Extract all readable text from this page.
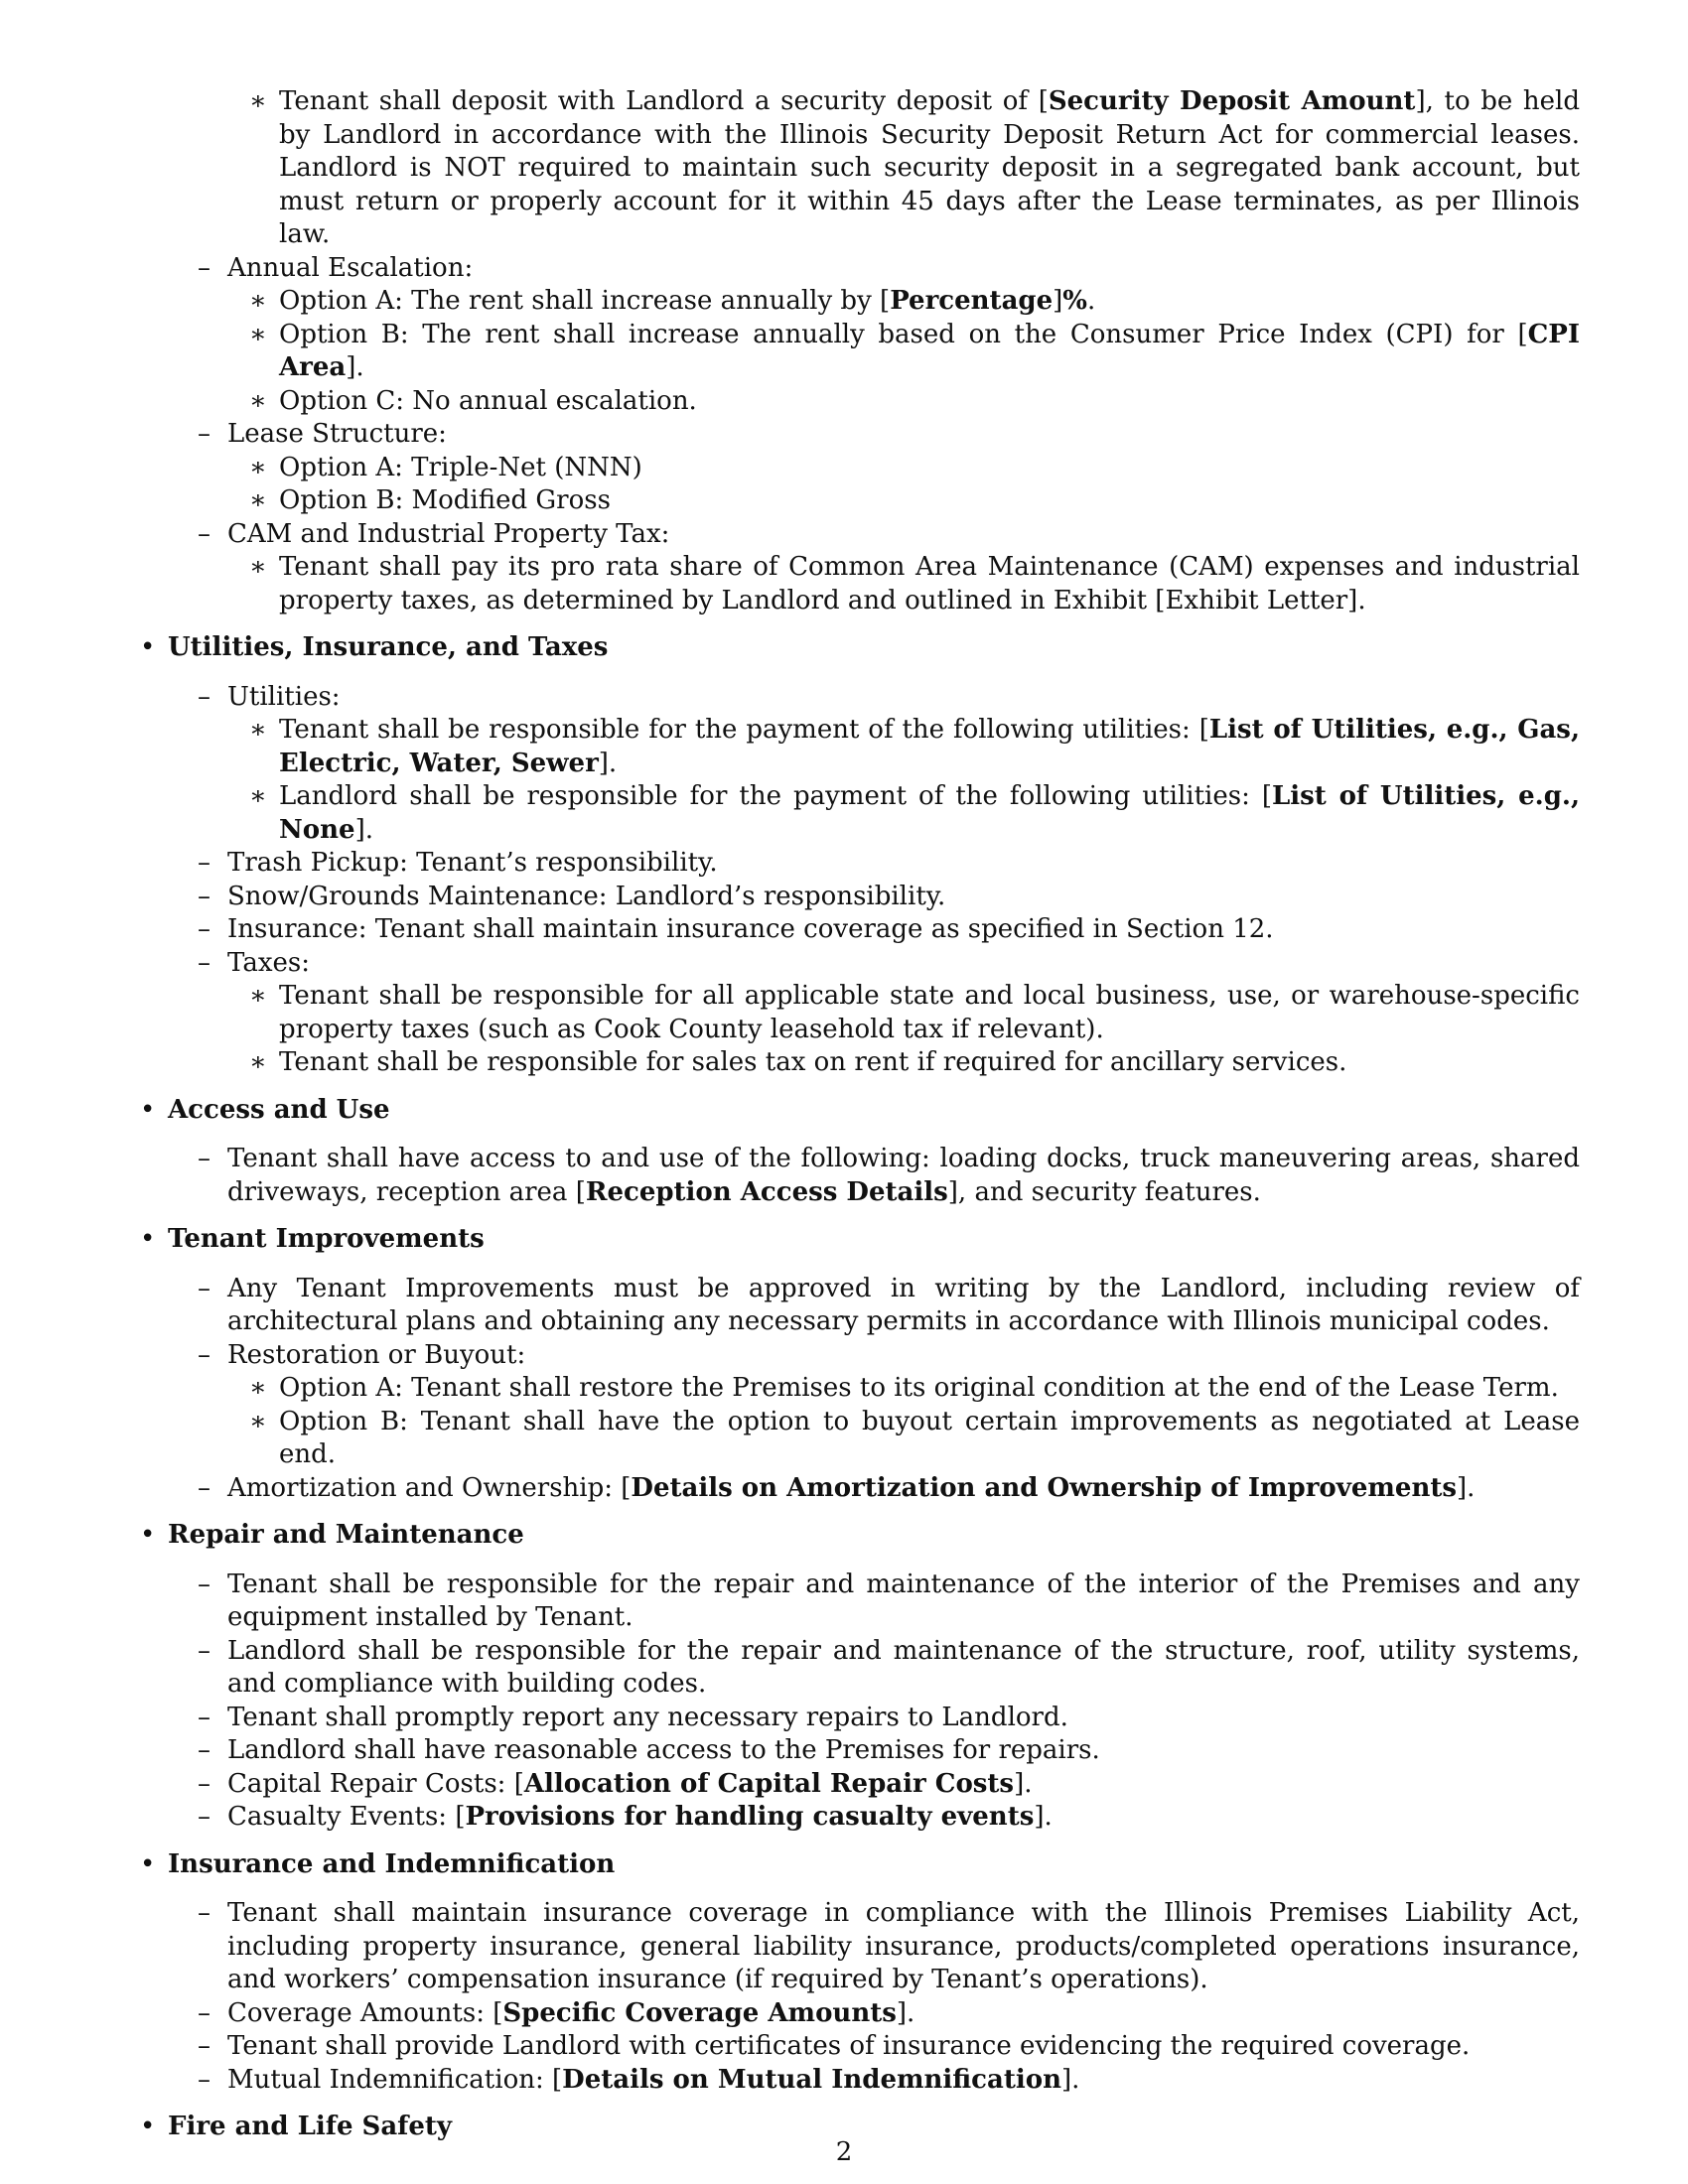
∗ Tenant shall deposit with Landlord a security deposit of [Security Deposit Amount], to be held by Landlord in accordance with the Illinois Security Deposit Return Act for commercial leases. Landlord is NOT required to maintain such security deposit in a segregated bank account, but must return or properly account for it within 45 days after the Lease terminates, as per Illinois law.
– Annual Escalation:
∗ Option A: The rent shall increase annually by [Percentage]%.
∗ Option B: The rent shall increase annually based on the Consumer Price Index (CPI) for [CPI Area].
∗ Option C: No annual escalation.
– Lease Structure:
∗ Option A: Triple-Net (NNN)
∗ Option B: Modified Gross
– CAM and Industrial Property Tax:
∗ Tenant shall pay its pro rata share of Common Area Maintenance (CAM) expenses and industrial property taxes, as determined by Landlord and outlined in Exhibit [Exhibit Letter].
• Utilities, Insurance, and Taxes
– Utilities:
∗ Tenant shall be responsible for the payment of the following utilities: [List of Utilities, e.g., Gas, Electric, Water, Sewer].
∗ Landlord shall be responsible for the payment of the following utilities: [List of Utilities, e.g., None].
– Trash Pickup: Tenant’s responsibility.
– Snow/Grounds Maintenance: Landlord’s responsibility.
– Insurance: Tenant shall maintain insurance coverage as specified in Section 12.
– Taxes:
∗ Tenant shall be responsible for all applicable state and local business, use, or warehouse-specific property taxes (such as Cook County leasehold tax if relevant).
∗ Tenant shall be responsible for sales tax on rent if required for ancillary services.
• Access and Use
– Tenant shall have access to and use of the following: loading docks, truck maneuvering areas, shared driveways, reception area [Reception Access Details], and security features.
• Tenant Improvements
– Any Tenant Improvements must be approved in writing by the Landlord, including review of architectural plans and obtaining any necessary permits in accordance with Illinois municipal codes.
– Restoration or Buyout:
∗ Option A: Tenant shall restore the Premises to its original condition at the end of the Lease Term.
∗ Option B: Tenant shall have the option to buyout certain improvements as negotiated at Lease end.
– Amortization and Ownership: [Details on Amortization and Ownership of Improvements].
• Repair and Maintenance
– Tenant shall be responsible for the repair and maintenance of the interior of the Premises and any equipment installed by Tenant.
– Landlord shall be responsible for the repair and maintenance of the structure, roof, utility systems, and compliance with building codes.
– Tenant shall promptly report any necessary repairs to Landlord.
– Landlord shall have reasonable access to the Premises for repairs.
– Capital Repair Costs: [Allocation of Capital Repair Costs].
– Casualty Events: [Provisions for handling casualty events].
• Insurance and Indemnification
– Tenant shall maintain insurance coverage in compliance with the Illinois Premises Liability Act, including property insurance, general liability insurance, products/completed operations insurance, and workers’ compensation insurance (if required by Tenant’s operations).
– Coverage Amounts: [Specific Coverage Amounts].
– Tenant shall provide Landlord with certificates of insurance evidencing the required coverage.
– Mutual Indemnification: [Details on Mutual Indemnification].
• Fire and Life Safety
2
